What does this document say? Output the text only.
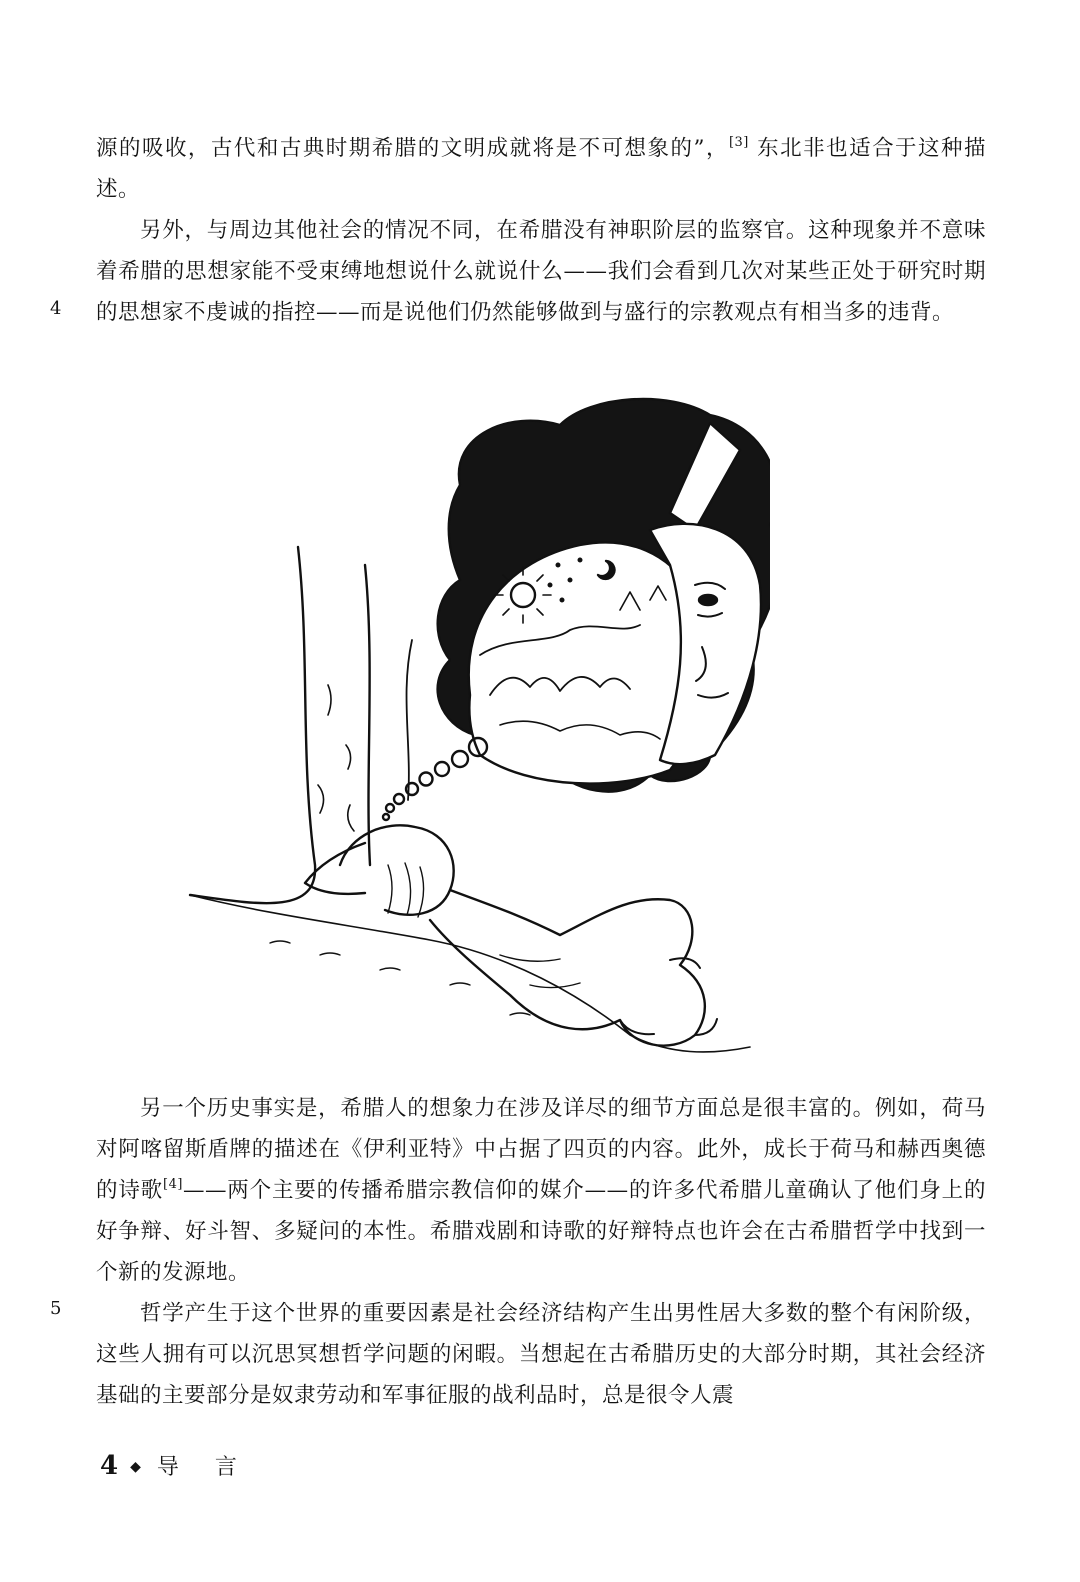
源的吸收，古代和古典时期希腊的文明成就将是不可想象的”，[3] 东北非也适合于这种描述。

另外，与周边其他社会的情况不同，在希腊没有神职阶层的监察官。这种现象并不意味着希腊的思想家能不受束缚地想说什么就说什么——我们会看到几次对某些正处于研究时期的思想家不虔诚的指控——而是说他们仍然能够做到与盛行的宗教观点有相当多的违背。

4

另一个历史事实是，希腊人的想象力在涉及详尽的细节方面总是很丰富的。例如，荷马对阿喀留斯盾牌的描述在《伊利亚特》中占据了四页的内容。此外，成长于荷马和赫西奥德的诗歌[4]——两个主要的传播希腊宗教信仰的媒介——的许多代希腊儿童确认了他们身上的好争辩、好斗智、多疑问的本性。希腊戏剧和诗歌的好辩特点也许会在古希腊哲学中找到一个新的发源地。

哲学产生于这个世界的重要因素是社会经济结构产生出男性居大多数的整个有闲阶级，这些人拥有可以沉思冥想哲学问题的闲暇。当想起在古希腊历史的大部分时期，其社会经济基础的主要部分是奴隶劳动和军事征服的战利品时，总是很令人震

5
4 ◆ 导言
